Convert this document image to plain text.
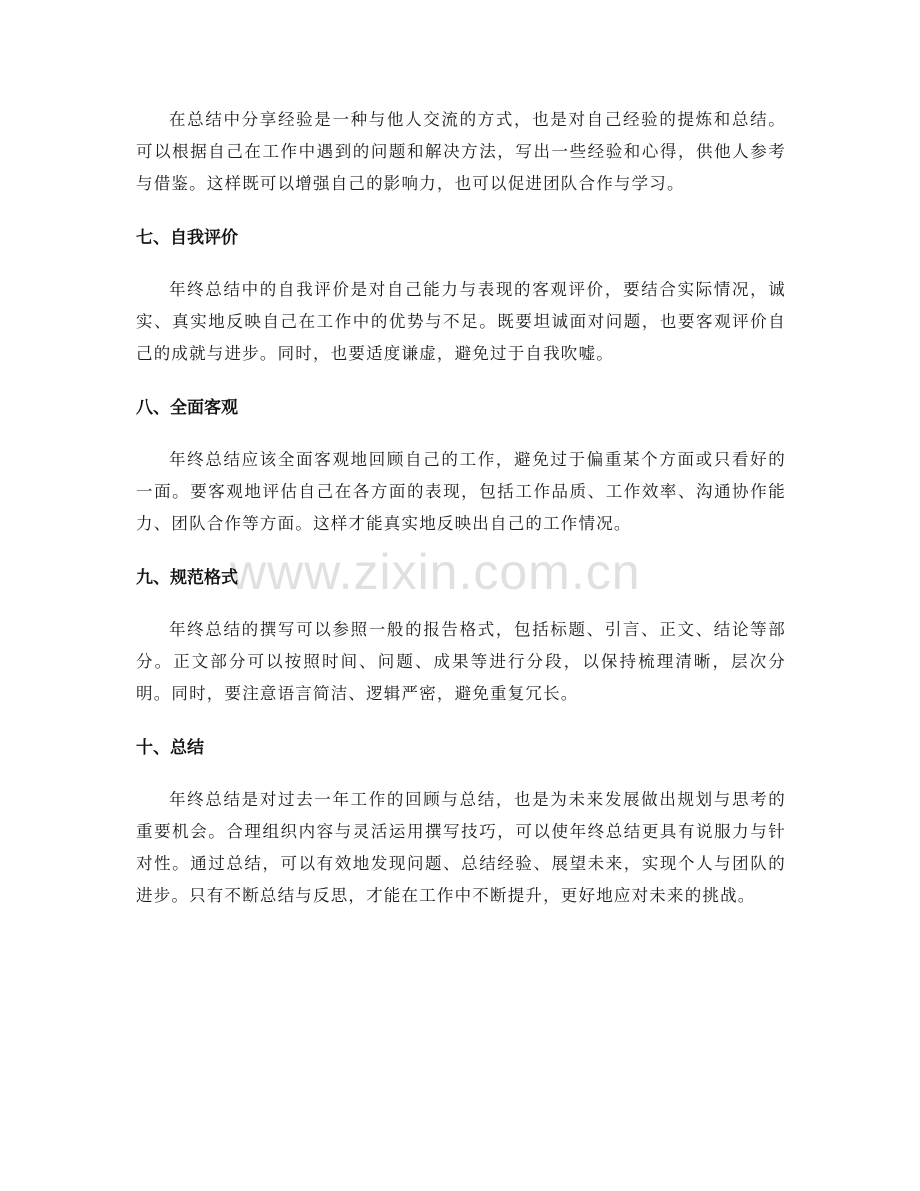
在总结中分享经验是一种与他人交流的方式，也是对自己经验的提炼和总结。可以根据自己在工作中遇到的问题和解决方法，写出一些经验和心得，供他人参考与借鉴。这样既可以增强自己的影响力，也可以促进团队合作与学习。

七、自我评价

年终总结中的自我评价是对自己能力与表现的客观评价，要结合实际情况，诚实、真实地反映自己在工作中的优势与不足。既要坦诚面对问题，也要客观评价自己的成就与进步。同时，也要适度谦虚，避免过于自我吹嘘。

八、全面客观

年终总结应该全面客观地回顾自己的工作，避免过于偏重某个方面或只看好的一面。要客观地评估自己在各方面的表现，包括工作品质、工作效率、沟通协作能力、团队合作等方面。这样才能真实地反映出自己的工作情况。

九、规范格式

年终总结的撰写可以参照一般的报告格式，包括标题、引言、正文、结论等部分。正文部分可以按照时间、问题、成果等进行分段，以保持梳理清晰，层次分明。同时，要注意语言简洁、逻辑严密，避免重复冗长。

十、总结

年终总结是对过去一年工作的回顾与总结，也是为未来发展做出规划与思考的重要机会。合理组织内容与灵活运用撰写技巧，可以使年终总结更具有说服力与针对性。通过总结，可以有效地发现问题、总结经验、展望未来，实现个人与团队的进步。只有不断总结与反思，才能在工作中不断提升，更好地应对未来的挑战。

www.zixin.com.cn
